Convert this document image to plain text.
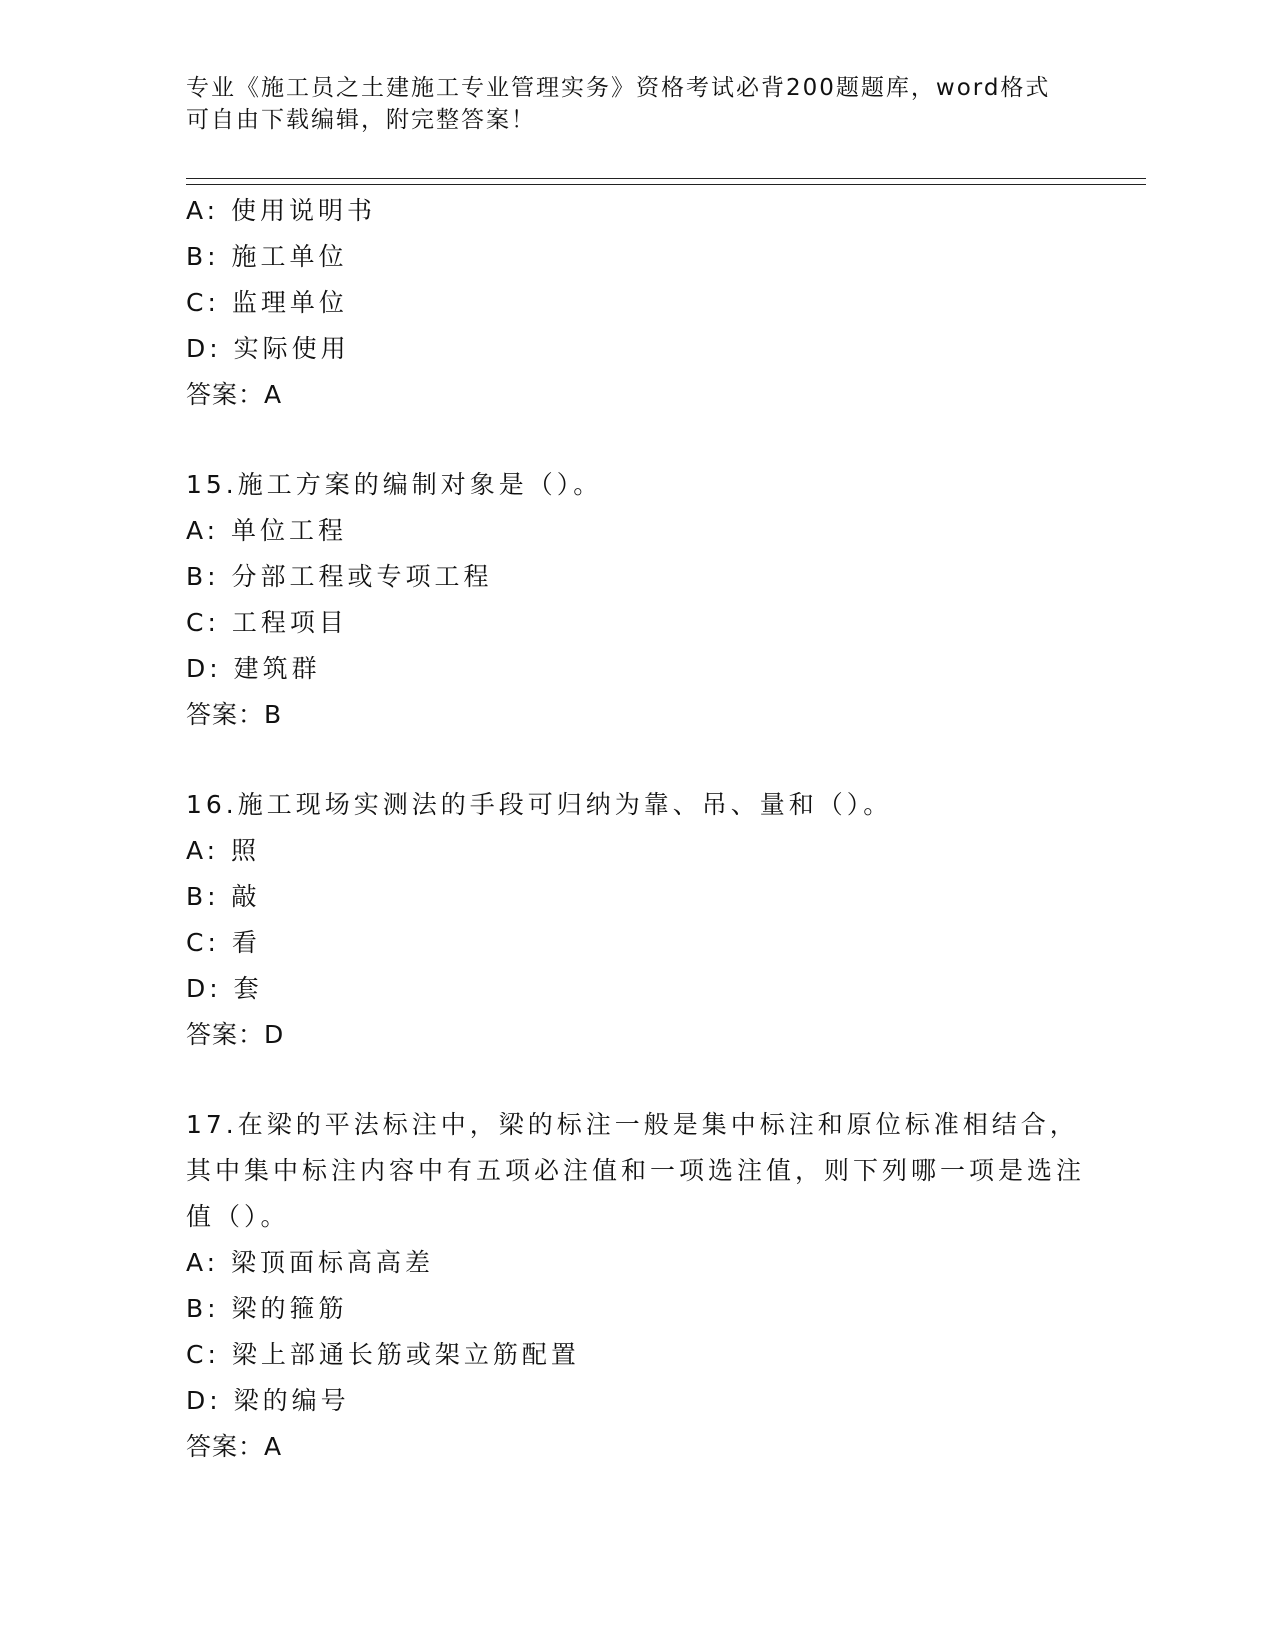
专业《施工员之土建施工专业管理实务》资格考试必背200题题库，word格式可自由下载编辑，附完整答案！
A: 使用说明书
B: 施工单位
C: 监理单位
D: 实际使用
答案：A
15.施工方案的编制对象是（）。
A: 单位工程
B: 分部工程或专项工程
C: 工程项目
D: 建筑群
答案：B
16.施工现场实测法的手段可归纳为靠、吊、量和（）。
A: 照
B: 敲
C: 看
D: 套
答案：D
17.在梁的平法标注中，梁的标注一般是集中标注和原位标准相结合，其中集中标注内容中有五项必注值和一项选注值，则下列哪一项是选注值（）。
A: 梁顶面标高高差
B: 梁的箍筋
C: 梁上部通长筋或架立筋配置
D: 梁的编号
答案：A
